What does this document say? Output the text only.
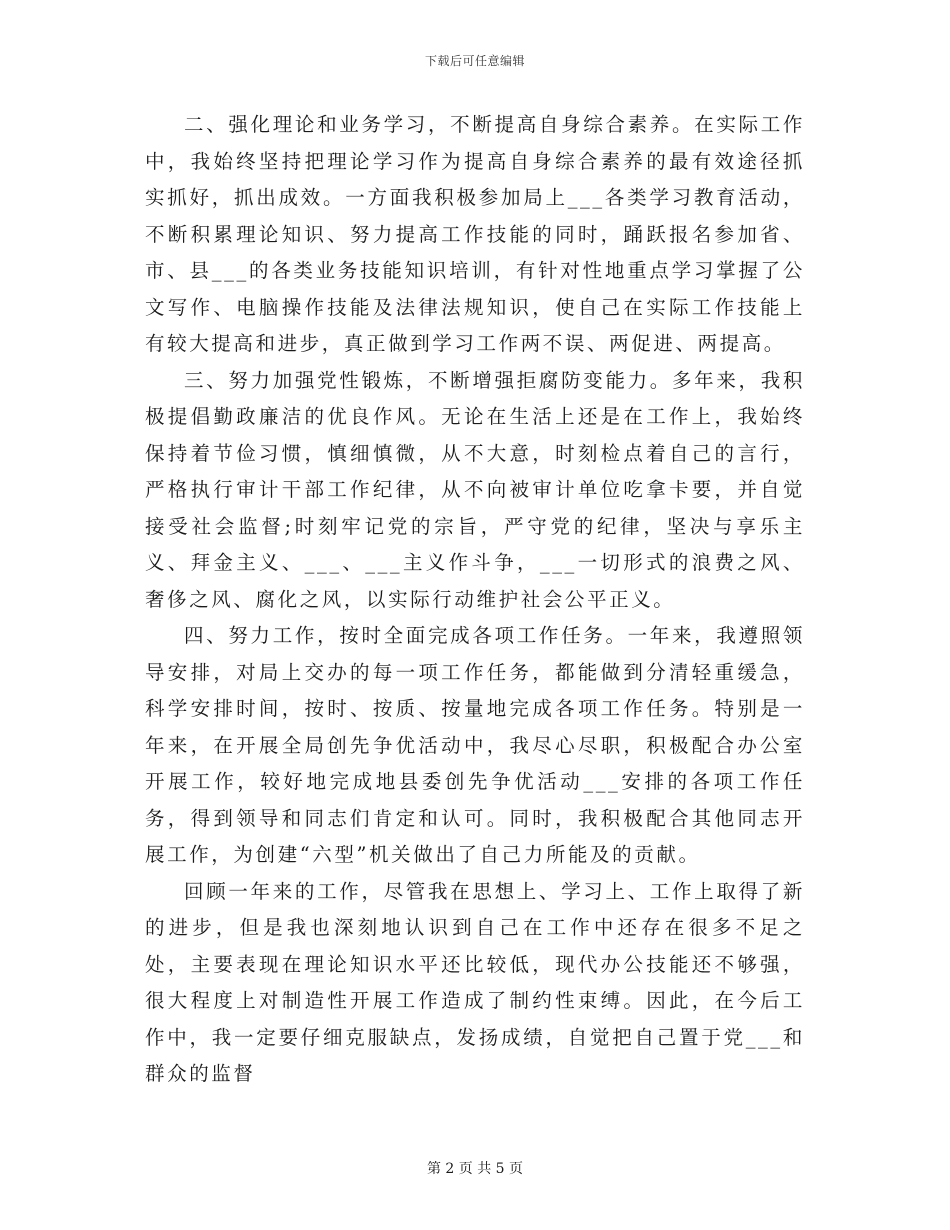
下载后可任意编辑

二、强化理论和业务学习，不断提高自身综合素养。在实际工作中，我始终坚持把理论学习作为提高自身综合素养的最有效途径抓实抓好，抓出成效。一方面我积极参加局上___各类学习教育活动，不断积累理论知识、努力提高工作技能的同时，踊跃报名参加省、市、县___的各类业务技能知识培训，有针对性地重点学习掌握了公文写作、电脑操作技能及法律法规知识，使自己在实际工作技能上有较大提高和进步，真正做到学习工作两不误、两促进、两提高。

三、努力加强党性锻炼，不断增强拒腐防变能力。多年来，我积极提倡勤政廉洁的优良作风。无论在生活上还是在工作上，我始终保持着节俭习惯，慎细慎微，从不大意，时刻检点着自己的言行，严格执行审计干部工作纪律，从不向被审计单位吃拿卡要，并自觉接受社会监督;时刻牢记党的宗旨，严守党的纪律，坚决与享乐主义、拜金主义、___、___主义作斗争，___一切形式的浪费之风、奢侈之风、腐化之风，以实际行动维护社会公平正义。

四、努力工作，按时全面完成各项工作任务。一年来，我遵照领导安排，对局上交办的每一项工作任务，都能做到分清轻重缓急，科学安排时间，按时、按质、按量地完成各项工作任务。特别是一年来，在开展全局创先争优活动中，我尽心尽职，积极配合办公室开展工作，较好地完成地县委创先争优活动___安排的各项工作任务，得到领导和同志们肯定和认可。同时，我积极配合其他同志开展工作，为创建“六型”机关做出了自己力所能及的贡献。

回顾一年来的工作，尽管我在思想上、学习上、工作上取得了新的进步，但是我也深刻地认识到自己在工作中还存在很多不足之处，主要表现在理论知识水平还比较低，现代办公技能还不够强，很大程度上对制造性开展工作造成了制约性束缚。因此，在今后工作中，我一定要仔细克服缺点，发扬成绩，自觉把自己置于党___和群众的监督

第 2 页 共 5 页
